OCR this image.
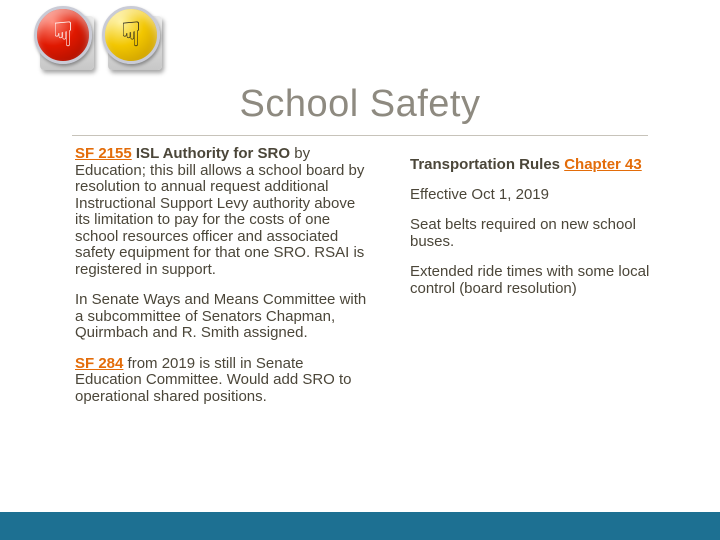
☟ ☟
School Safety

SF 2155 ISL Authority for SRO by Education; this bill allows a school board by resolution to annual request additional Instructional Support Levy authority above its limitation to pay for the costs of one school resources officer and associated safety equipment for that one SRO. RSAI is registered in support.

In Senate Ways and Means Committee with a subcommittee of Senators Chapman, Quirmbach and R. Smith assigned.

SF 284 from 2019 is still in Senate Education Committee. Would add SRO to operational shared positions.

Transportation Rules Chapter 43

Effective Oct 1, 2019

Seat belts required on new school buses.

Extended ride times with some local control (board resolution)
